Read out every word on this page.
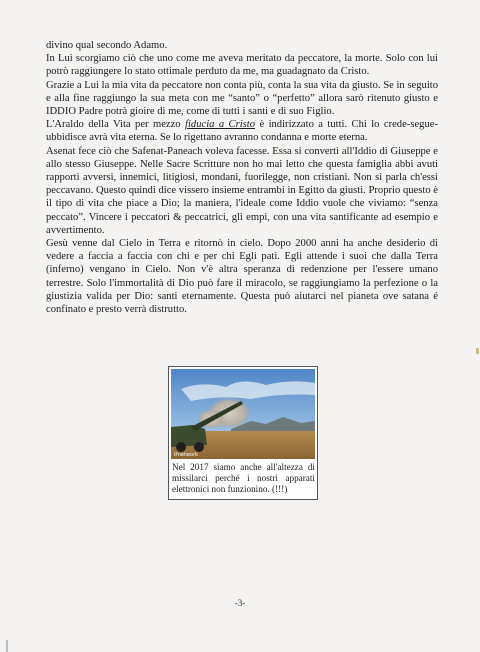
divino qual secondo Adamo.

In Lui scorgiamo ciò che uno come me aveva meritato da peccatore, la morte. Solo con lui potrò raggiungere lo stato ottimale perduto da me, ma guadagnato da Cristo.

Grazie a Lui la mia vita da peccatore non conta più, conta la sua vita da giusto. Se in seguito e alla fine raggiungo la sua meta con me “santo” o “perfetto” allora sarò ritenuto giusto e IDDIO Padre potrà gioire di me, come di tutti i santi e di suo Figlio.

L'Araldo della Vita per mezzo fiducia a Cristo è indirizzato a tutti. Chi lo crede-segue-ubbidisce avrà vita eterna. Se lo rigettano avranno condanna e morte eterna.

Asenat fece ciò che Safenat-Paneach voleva facesse. Essa si convertì all'Iddio di Giuseppe e allo stesso Giuseppe. Nelle Sacre Scritture non ho mai letto che questa famiglia abbi avuti rapporti avversi, innemici, litigiosi, mondani, fuorilegge, non cristiani. Non si parla ch'essi peccavano. Questo quindi dice vissero insieme entrambi in Egitto da giusti. Proprio questo è il tipo di vita che piace a Dio; la maniera, l'ideale come Iddio vuole che viviamo: “senza peccato”. Vincere i peccatori & peccatrici, gli empi, con una vita santificante ad esempio e avvertimento.

Gesù venne dal Cielo in Terra e ritornò in cielo. Dopo 2000 anni ha anche desiderio di vedere a faccia a faccia con chi e per chi Egli patì. Egli attende i suoi che dalla Terra (inferno) vengano in Cielo. Non v'è altra speranza di redenzione per l'essere umano terrestre. Solo l'immortalità di Dio può fare il miracolo, se raggiungiamo la perfezione o la giustizia valida per Dio: santi eternamente. Questa può aiutarci nel pianeta ove satana é confinato e presto verrà distrutto.

tfnetwork
Nel 2017 siamo anche all'altezza di missilarci perché i nostri apparati elettronici non funzionino. (!!!)
-3-
